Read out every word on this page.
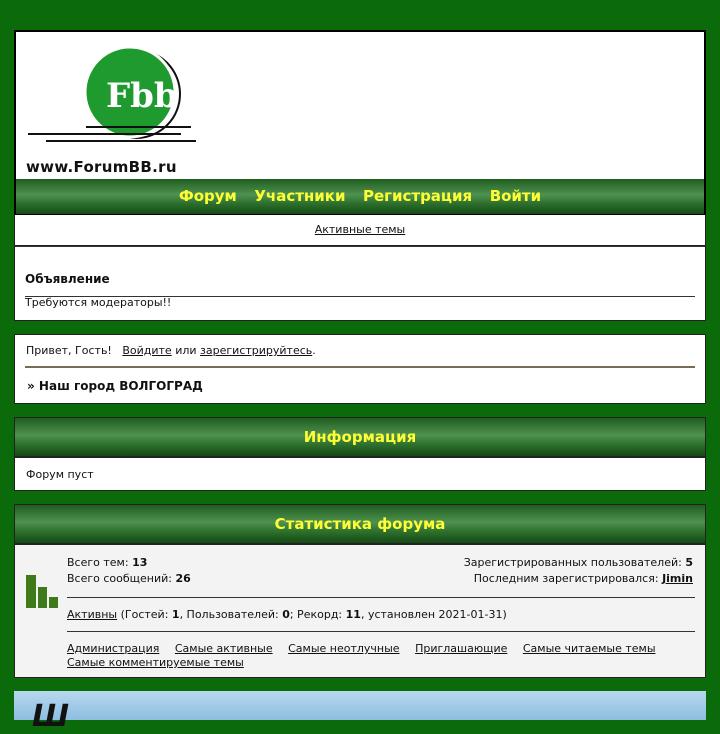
Fbb
www.ForumBB.ru
Форум Участники Регистрация Войти
Активные темы
Объявление
Требуются модераторы!!
Привет, Гость! Войдите или зарегистрируйтесь.
» Наш город ВОЛГОГРАД
Информация
Форум пуст
Статистика форума
Всего тем: 13
Всего сообщений: 26
Зарегистрированных пользователей: 5
Последним зарегистрировался: Jimin
Активны (Гостей: 1, Пользователей: 0; Рекорд: 11, установлен 2021-01-31)
Администрация Самые активные Самые неотлучные Приглашающие Самые читаемые темы
Самые комментируемые темы
Ш
